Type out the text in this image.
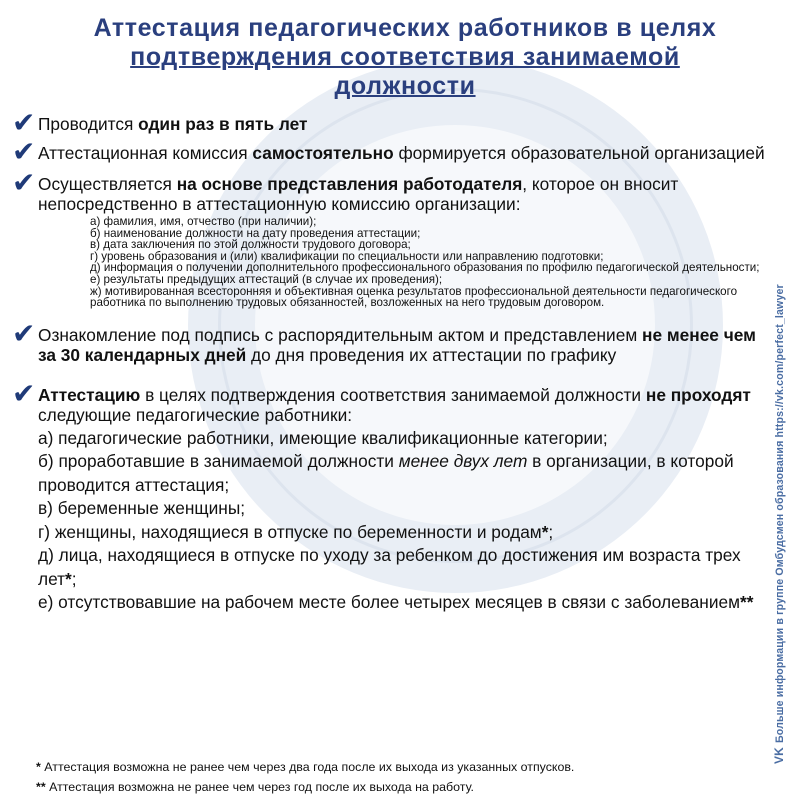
Аттестация педагогических работников в целях
подтверждения соответствия занимаемой
должности
✔ Проводится один раз в пять лет
✔ Аттестационная комиссия самостоятельно формируется образовательной организацией
✔ Осуществляется на основе представления работодателя, которое он вносит непосредственно в аттестационную комиссию организации:
а) фамилия, имя, отчество (при наличии);
б) наименование должности на дату проведения аттестации;
в) дата заключения по этой должности трудового договора;
г) уровень образования и (или) квалификации по специальности или направлению подготовки;
д) информация о получении дополнительного профессионального образования по профилю педагогической деятельности;
е) результаты предыдущих аттестаций (в случае их проведения);
ж) мотивированная всесторонняя и объективная оценка результатов профессиональной деятельности педагогического работника по выполнению трудовых обязанностей, возложенных на него трудовым договором.
✔ Ознакомление под подпись с распорядительным актом и представлением не менее чем за 30 календарных дней до дня проведения их аттестации по графику
✔ Аттестацию в целях подтверждения соответствия занимаемой должности не проходят следующие педагогические работники:
а) педагогические работники, имеющие квалификационные категории;
б) проработавшие в занимаемой должности менее двух лет в организации, в которой проводится аттестация;
в) беременные женщины;
г) женщины, находящиеся в отпуске по беременности и родам*;
д) лица, находящиеся в отпуске по уходу за ребенком до достижения им возраста трех лет*;
е) отсутствовавшие на рабочем месте более четырех месяцев в связи с заболеванием**
* Аттестация возможна не ранее чем через два года после их выхода из указанных отпусков.
** Аттестация возможна не ранее чем через год после их выхода на работу.
VKБольше информации в группе Омбудсмен образования https://vk.com/perfect_lawyer
